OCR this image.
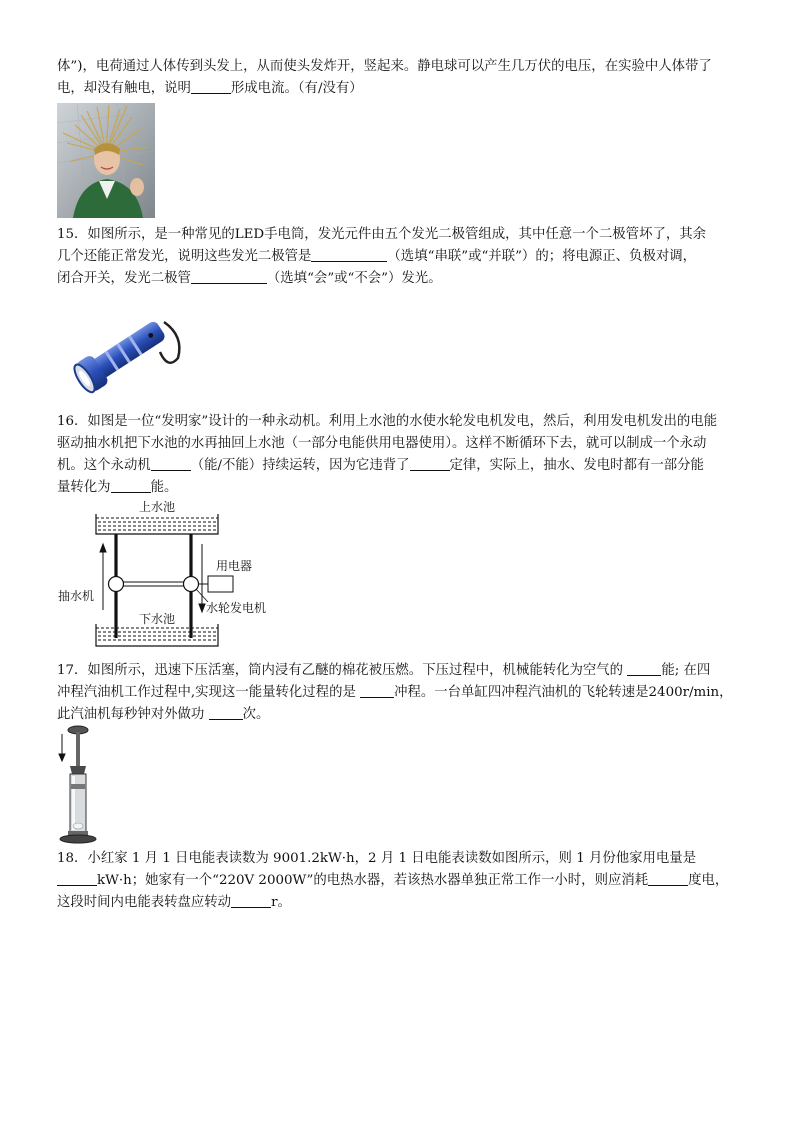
体”)，电荷通过人体传到头发上，从而使头发炸开，竖起来。静电球可以产生几万伏的电压，在实验中人体带了
电，却没有触电，说明	形成电流。（有/没有）
15．如图所示，是一种常见的LED手电筒，发光元件由五个发光二极管组成，其中任意一个二极管坏了，其余
几个还能正常发光，说明这些发光二极管是	（选填“串联”或“并联”）的；将电源正、负极对调，
闭合开关，发光二极管	（选填“会”或“不会”）发光。
16．如图是一位“发明家”设计的一种永动机。利用上水池的水使水轮发电机发电，然后，利用发电机发出的电能
驱动抽水机把下水池的水再抽回上水池（一部分电能供用电器使用）。这样不断循环下去，就可以制成一个永动
机。这个永动机	（能/不能）持续运转，因为它违背了	定律，实际上，抽水、发电时都有一部分能
量转化为	能。
上水池
下水池
用电器
抽水机
水轮发电机
17．如图所示，迅速下压活塞，筒内浸有乙醚的棉花被压燃。下压过程中，机械能转化为空气的	能; 在四
冲程汽油机工作过程中,实现这一能量转化过程的是	冲程。一台单缸四冲程汽油机的飞轮转速是2400r/min，
此汽油机每秒钟对外做功	次。
18．小红家 1 月 1 日电能表读数为 9001.2kW·h，2 月 1 日电能表读数如图所示，则 1 月份他家用电量是
kW·h；她家有一个“220V 2000W”的电热水器，若该热水器单独正常工作一小时，则应消耗	度电，
这段时间内电能表转盘应转动	r。
